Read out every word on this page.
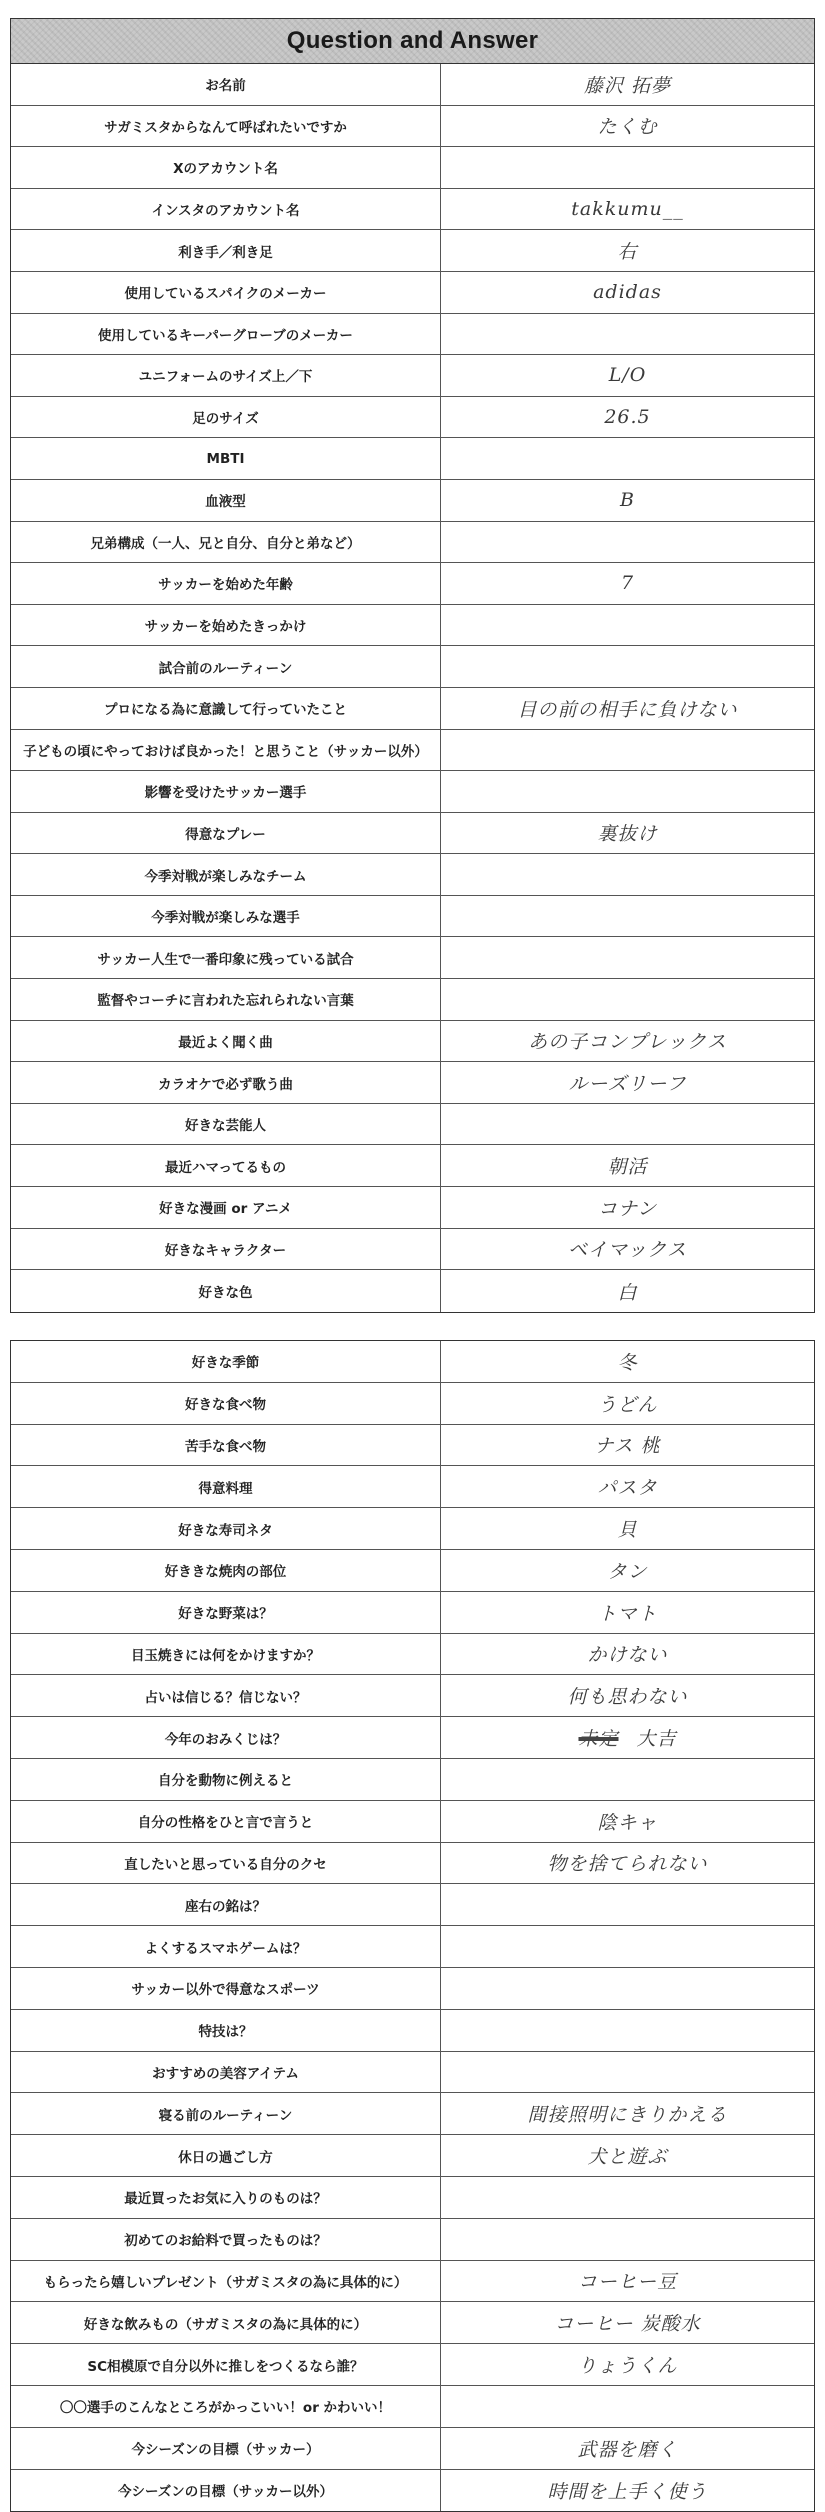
Question and Answer
お名前	藤沢 拓夢
サガミスタからなんて呼ばれたいですか	たくむ
Xのアカウント名
インスタのアカウント名	takkumu__
利き手／利き足	右
使用しているスパイクのメーカー	adidas
使用しているキーパーグローブのメーカー
ユニフォームのサイズ上／下	L/O
足のサイズ	26.5
MBTI
血液型	B
兄弟構成（一人、兄と自分、自分と弟など）
サッカーを始めた年齢	7
サッカーを始めたきっかけ
試合前のルーティーン
プロになる為に意識して行っていたこと	目の前の相手に負けない
子どもの頃にやっておけば良かった！と思うこと（サッカー以外）
影響を受けたサッカー選手
得意なプレー	裏抜け
今季対戦が楽しみなチーム
今季対戦が楽しみな選手
サッカー人生で一番印象に残っている試合
監督やコーチに言われた忘れられない言葉
最近よく聞く曲	あの子コンプレックス
カラオケで必ず歌う曲	ルーズリーフ
好きな芸能人
最近ハマってるもの	朝活
好きな漫画 or アニメ	コナン
好きなキャラクター	ベイマックス
好きな色	白
好きな季節	冬
好きな食べ物	うどん
苦手な食べ物	ナス 桃
得意料理	パスタ
好きな寿司ネタ	貝
好ききな焼肉の部位	タン
好きな野菜は？	トマト
目玉焼きには何をかけますか？	かけない
占いは信じる？信じない？	何も思わない
今年のおみくじは？	未定 大吉
自分を動物に例えると
自分の性格をひと言で言うと	陰キャ
直したいと思っている自分のクセ	物を捨てられない
座右の銘は？
よくするスマホゲームは？
サッカー以外で得意なスポーツ
特技は？
おすすめの美容アイテム
寝る前のルーティーン	間接照明にきりかえる
休日の過ごし方	犬と遊ぶ
最近買ったお気に入りのものは？
初めてのお給料で買ったものは？
もらったら嬉しいプレゼント（サガミスタの為に具体的に）	コーヒー豆
好きな飲みもの（サガミスタの為に具体的に）	コーヒー 炭酸水
SC相模原で自分以外に推しをつくるなら誰？	りょうくん
〇〇選手のこんなところがかっこいい！or かわいい！
今シーズンの目標（サッカー）	武器を磨く
今シーズンの目標（サッカー以外）	時間を上手く使う
